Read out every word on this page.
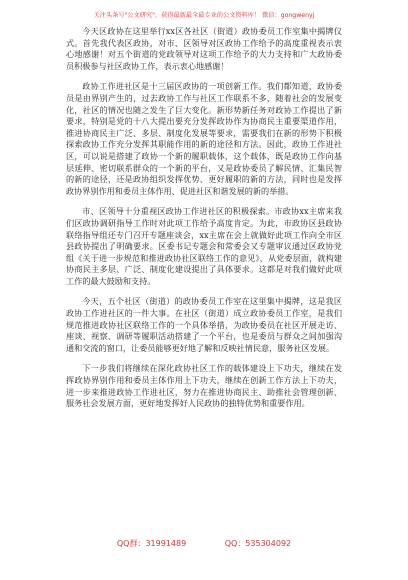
关注头条号"公文研究"，获得最新最全最专业的公文资料库！ 微信：gongwenyj

今天区政协在这里举行xx区各社区（街道）政协委员工作室集中揭牌仪式。首先我代表区政协，对市、区领导对区政协工作给予的高度重视表示衷心地感谢！对五个街道的党政领导对这项工作给予的大力支持和广大政协委员积极参与社区政协工作，表示衷心地感谢！

政协工作进社区是十三届区政协的一项创新工作。我们都知道，政协委员是由界别产生的，过去政协工作与社区工作联系不多，随着社会的发展变化，社区的情况也随之发生了巨大变化。新形势新任务对政协工作提出了新要求，特别是党的十八大提出要充分发挥政协作为协商民主重要渠道作用，推进协商民主广泛、多层、制度化发展等要求，需要我们在新的形势下积极探索政协工作充分发挥其职能作用的新的途径和方法。因此，政协工作进社区，可以说是搭建了政协一个新的履职载体，这个载体，既是政协工作向基层延伸、密切联系群众的一个新的平台，又是政协委员了解民情、汇集民智的新的途径，还是政协组织发挥优势、更好履职的新的方法，同时也是发挥政协界别作用和委员主体作用、促进社区和谐发展的新的举措。

市、区领导十分重视区政协工作进社区的积极探索。市政协xx主席来我们区政协调研指导工作时对此项工作给予高度肯定。为此，市政协区县政协联络指导组还专门召开专题座谈会，xx主席在会上就做好此项工作向全市区县政协提出了明确要求。区委书记专题会和常委会又专题审议通过区政协党组《关于进一步规范和推进政协社区联络工作的意见》，从党委层面，就构建协商民主多层、广泛、制度化建设提出了具体要求。这都是对我们做好此项工作的最大鼓励和支持。

今天，五个社区（街道）的政协委员工作室在这里集中揭牌，这是我区政协工作进社区的一件大事。在社区（街道）成立政协委员工作室，是我们规范推进政协社区联络工作的一个具体举措，为政协委员在社区开展走访、座谈、视察、调研等履职活动搭建了一个平台，也是委员与群众之间加强沟通和交流的窗口，让委员能够更好地了解和反映社情民意，服务社区发展。

下一步我们将继续在深化政协社区工作的载体建设上下功夫，继续在发挥政协界别作用和委员主体作用上下功夫，继续在创新工作方法上下功夫，进一步来推进政协工作进社区，努力在推进协商民主、助推社会管理创新、服务社会发展方面，更好地发挥好人民政协的独特优势和重要作用。

QQ群：31991489	QQ：535304092
